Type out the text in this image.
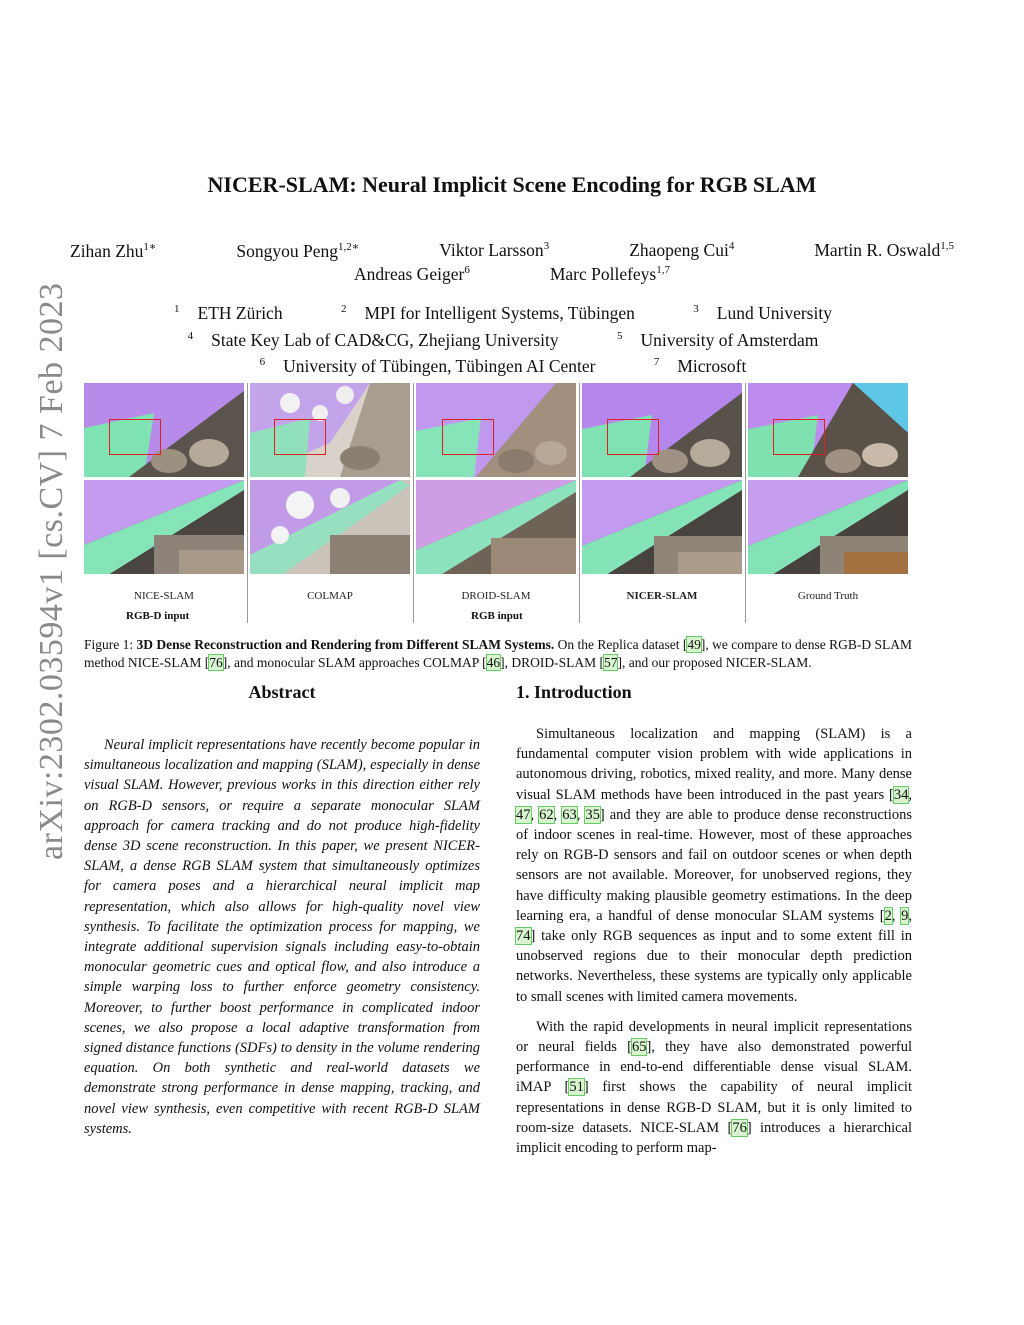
arXiv:2302.03594v1 [cs.CV] 7 Feb 2023
NICER-SLAM: Neural Implicit Scene Encoding for RGB SLAM
Zihan Zhu$^{1∗}$	Songyou Peng$^{1,2∗}$	Viktor Larsson$^3$	Zhaopeng Cui$^4$	Martin R. Oswald$^{1,5}$
Andreas Geiger$^6$	Marc Pollefeys$^{1,7}$
$^1$ ETH Zürich	$^2$ MPI for Intelligent Systems, Tübingen	$^3$ Lund University
$^4$ State Key Lab of CAD&CG, Zhejiang University	$^5$ University of Amsterdam
$^6$ University of Tübingen, Tübingen AI Center	$^7$ Microsoft
NICE-SLAM	COLMAP	DROID-SLAM	NICER-SLAM	Ground Truth
RGB-D input	RGB input
Figure 1: 3D Dense Reconstruction and Rendering from Different SLAM Systems. On the Replica dataset [49], we compare to dense RGB-D SLAM method NICE-SLAM [76], and monocular SLAM approaches COLMAP [46], DROID-SLAM [57], and our proposed NICER-SLAM.
Abstract

Neural implicit representations have recently become popular in simultaneous localization and mapping (SLAM), especially in dense visual SLAM. However, previous works in this direction either rely on RGB-D sensors, or require a separate monocular SLAM approach for camera tracking and do not produce high-fidelity dense 3D scene reconstruction. In this paper, we present NICER-SLAM, a dense RGB SLAM system that simultaneously optimizes for camera poses and a hierarchical neural implicit map representation, which also allows for high-quality novel view synthesis. To facilitate the optimization process for mapping, we integrate additional supervision signals including easy-to-obtain monocular geometric cues and optical flow, and also introduce a simple warping loss to further enforce geometry consistency. Moreover, to further boost performance in complicated indoor scenes, we also propose a local adaptive transformation from signed distance functions (SDFs) to density in the volume rendering equation. On both synthetic and real-world datasets we demonstrate strong performance in dense mapping, tracking, and novel view synthesis, even competitive with recent RGB-D SLAM systems.

1. Introduction

Simultaneous localization and mapping (SLAM) is a fundamental computer vision problem with wide applications in autonomous driving, robotics, mixed reality, and more. Many dense visual SLAM methods have been introduced in the past years [34, 47, 62, 63, 35] and they are able to produce dense reconstructions of indoor scenes in real-time. However, most of these approaches rely on RGB-D sensors and fail on outdoor scenes or when depth sensors are not available. Moreover, for unobserved regions, they have difficulty making plausible geometry estimations. In the deep learning era, a handful of dense monocular SLAM systems [2, 9, 74] take only RGB sequences as input and to some extent fill in unobserved regions due to their monocular depth prediction networks. Nevertheless, these systems are typically only applicable to small scenes with limited camera movements.

With the rapid developments in neural implicit representations or neural fields [65], they have also demonstrated powerful performance in end-to-end differentiable dense visual SLAM. iMAP [51] first shows the capability of neural implicit representations in dense RGB-D SLAM, but it is only limited to room-size datasets. NICE-SLAM [76] introduces a hierarchical implicit encoding to perform map-
